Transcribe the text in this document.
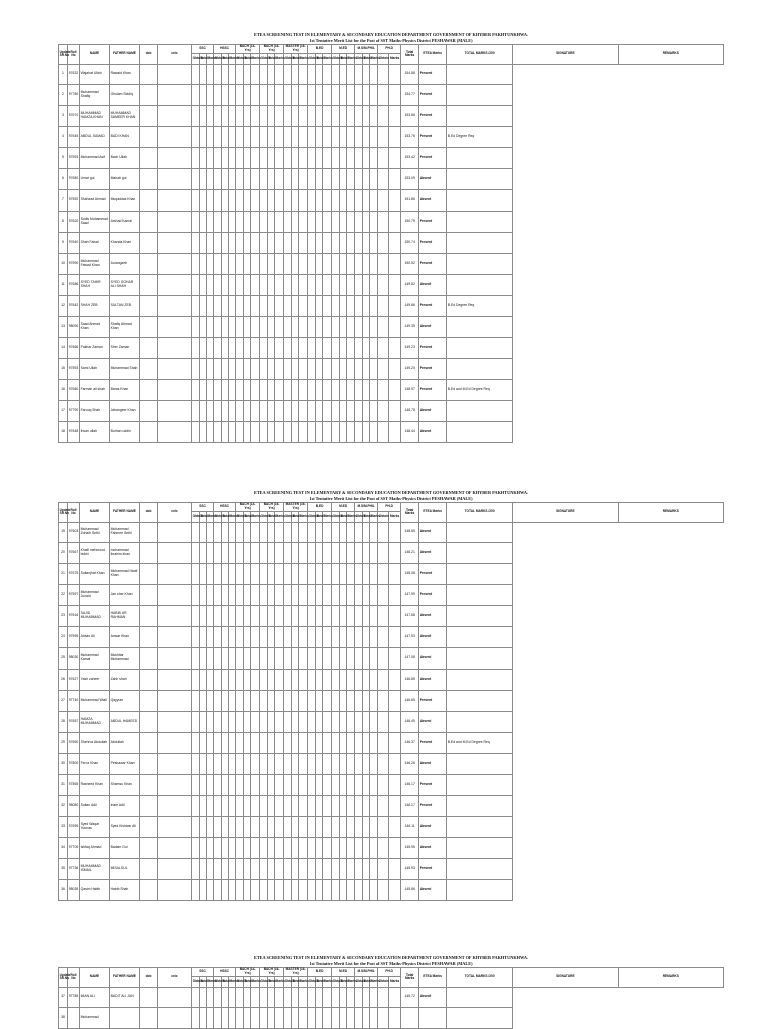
ETEA SCREENING TEST IN ELEMENTARY & SECONDARY EDUCATION DEPARTMENT GOVERNMENT OF KHYBER PAKHTUNKHWA.
1st Tentative Merit List for the Post of SST Maths-Physics District PESHAWAR (MALE)
Update SR.No	Roll No	NAME	FATHER NAME	dob	cnic	SSC			HSSC			BACH (14-Yrs)			BACH (16-Yrs)			MASTER (16-Yrs)			B.ED			M.ED			M.S/M.PHIL			PH.D		Total Marks	ETEA Marks	TOTAL MARKS /200	SIGNATURE	REMARKS
						Obtain	Total	Marks	Obtain	Total	Marks	Obtain	Total	Marks	Obtain	Total	Marks	Obtain	Total	Marks	Obtain	Total	Marks	Obtain	Total	Marks	Obtain	Total	Marks	Obtain	Marks					
1	97632	Wajahat Ullah	Rawaid Khan																													154.88	Present			
2	97780	Muhammad Shafiq	Ghulam Siddiq																													154.77	Present			
3	97670	MUHAMMAD HAMZA KHAN	MUHAMMAD SAMEER KHAN																													153.86	Present			
4	97645	ABDUL SAMAD	BADI KHAN																													153.76	Present	B.Ed Degree Req		
5	97593	Muhammad Asif	Bach Ullah																													153.42	Present			
6	97680	Umar gul	Mahab gul																													153.09	Absent			
7	97592	Shahzad Ahmad	Muqaddas Khan																													151.86	Absent			
8	97620	Sudis Muhammad Saad	Arshad Kamal																													150.79	Present			
9	97640	Shah Faisal	Khanda Khan																													150.74	Present			
10	97590	Muhammad Fawad Khan	Aurangzeb																													150.52	Present			
11	97686	SYED TAHIR SHAH	SYED GOHAR ALI SHAH																													149.82	Absent			
12	97642	SHAH ZEB	SULTAN ZEB																													149.66	Present	B.Ed Degree Req		
13	98090	Saad Ahmad Khan	Shafiq Ahmad Khan																													149.39	Absent			
14	97666	Pakhar Zaman	Sher Zaman																													149.23	Present			
15	97593	Sami Ullah	Muhammad Shah																													149.20	Present			
16	97680	Farman ali shah	Baras Khan																													148.97	Present	B.Ed and M.Ed Degree Req		
17	97790	Farooq Shah	Jahangeer Khan																													148.78	Absent			
18	97648	Ihsan ullah	Burhan uddin																													148.44	Absent			
ETEA SCREENING TEST IN ELEMENTARY & SECONDARY EDUCATION DEPARTMENT GOVERNMENT OF KHYBER PAKHTUNKHWA.
1st Tentative Merit List for the Post of SST Maths-Physics District PESHAWAR (MALE)
Update SR.No	Roll No	NAME	FATHER NAME	dob	cnic	SSC			HSSC			BACH (14-Yrs)			BACH (16-Yrs)			MASTER (16-Yrs)			B.ED			M.ED			M.S/M.PHIL			PH.D		Total Marks	ETEA Marks	TOTAL MARKS /200	SIGNATURE	REMARKS
						Obtain	Total	Marks	Obtain	Total	Marks	Obtain	Total	Marks	Obtain	Total	Marks	Obtain	Total	Marks	Obtain	Total	Marks	Obtain	Total	Marks	Obtain	Total	Marks	Obtain	Marks					
19	97603	Muhammad Zohaib Sethi	Muhammad Fahmee Sethi																													148.65	Absent			
20	97667	Khalil mehmood bukhi	mohammad ibrahim khan																													148.21	Absent			
21	97675	Sultanjhat Khan	Muhammad Hanif Khan																													148.08	Present			
22	97597	Muhammad Junaid	Jan sher Khan																													147.99	Present			
23	97616	SAJID MUHAMMAD	HABIB UR RAHMAN																													147.68	Absent			
24	97595	Ahsan Ali	Anwar Khan																													147.53	Absent			
25	98030	Muhammad Kamal	Mukhtiar Muhammad																													147.08	Absent			
26	97627	Yasir zaheer	Zahir shah																													146.85	Absent			
27	97740	Muhammad Wiali	Qayyum																													146.65	Present			
28	97657	HAMZA MUHAMMAD	ABDUL HAMEED																													146.49	Absent			
29	97690	Shehroz Abdullah	Abdullah																													146.37	Present	B.Ed and M.Ed Degree Req		
30	97800	Feroz Khan	Peshawar Khan																													146.26	Absent			
31	97565	Rasheed Khan	Shamsu Khan																													146.17	Present			
32	98080	Sultan Adil	Inam Adil																													146.17	Present			
33	97695	Syed Waqar Younas	Syed Kishwar Ali																													146.11	Absent			
34	97705	Ishfaq Ahmad	Badam Gul																													145.95	Absent			
35	97736	MUHAMMAD ISMAIL	MISALGUL																													145.93	Present			
36	98035	Qasim Habib	Habib Shah																													145.86	Absent			
ETEA SCREENING TEST IN ELEMENTARY & SECONDARY EDUCATION DEPARTMENT GOVERNMENT OF KHYBER PAKHTUNKHWA.
1st Tentative Merit List for the Post of SST Maths-Physics District PESHAWAR (MALE)
Update SR.No	Roll No	NAME	FATHER NAME	dob	cnic	SSC			HSSC			BACH (14-Yrs)			BACH (16-Yrs)			MASTER (16-Yrs)			B.ED			M.ED			M.S/M.PHIL			PH.D		Total Marks	ETEA Marks	TOTAL MARKS /200	SIGNATURE	REMARKS
						Obtain	Total	Marks	Obtain	Total	Marks	Obtain	Total	Marks	Obtain	Total	Marks	Obtain	Total	Marks	Obtain	Total	Marks	Obtain	Total	Marks	Obtain	Total	Marks	Obtain	Marks					
37	97785	IMAN ALI	BADIT ALI JAN																													145.72	Absent			
38		Muhammad																																		
